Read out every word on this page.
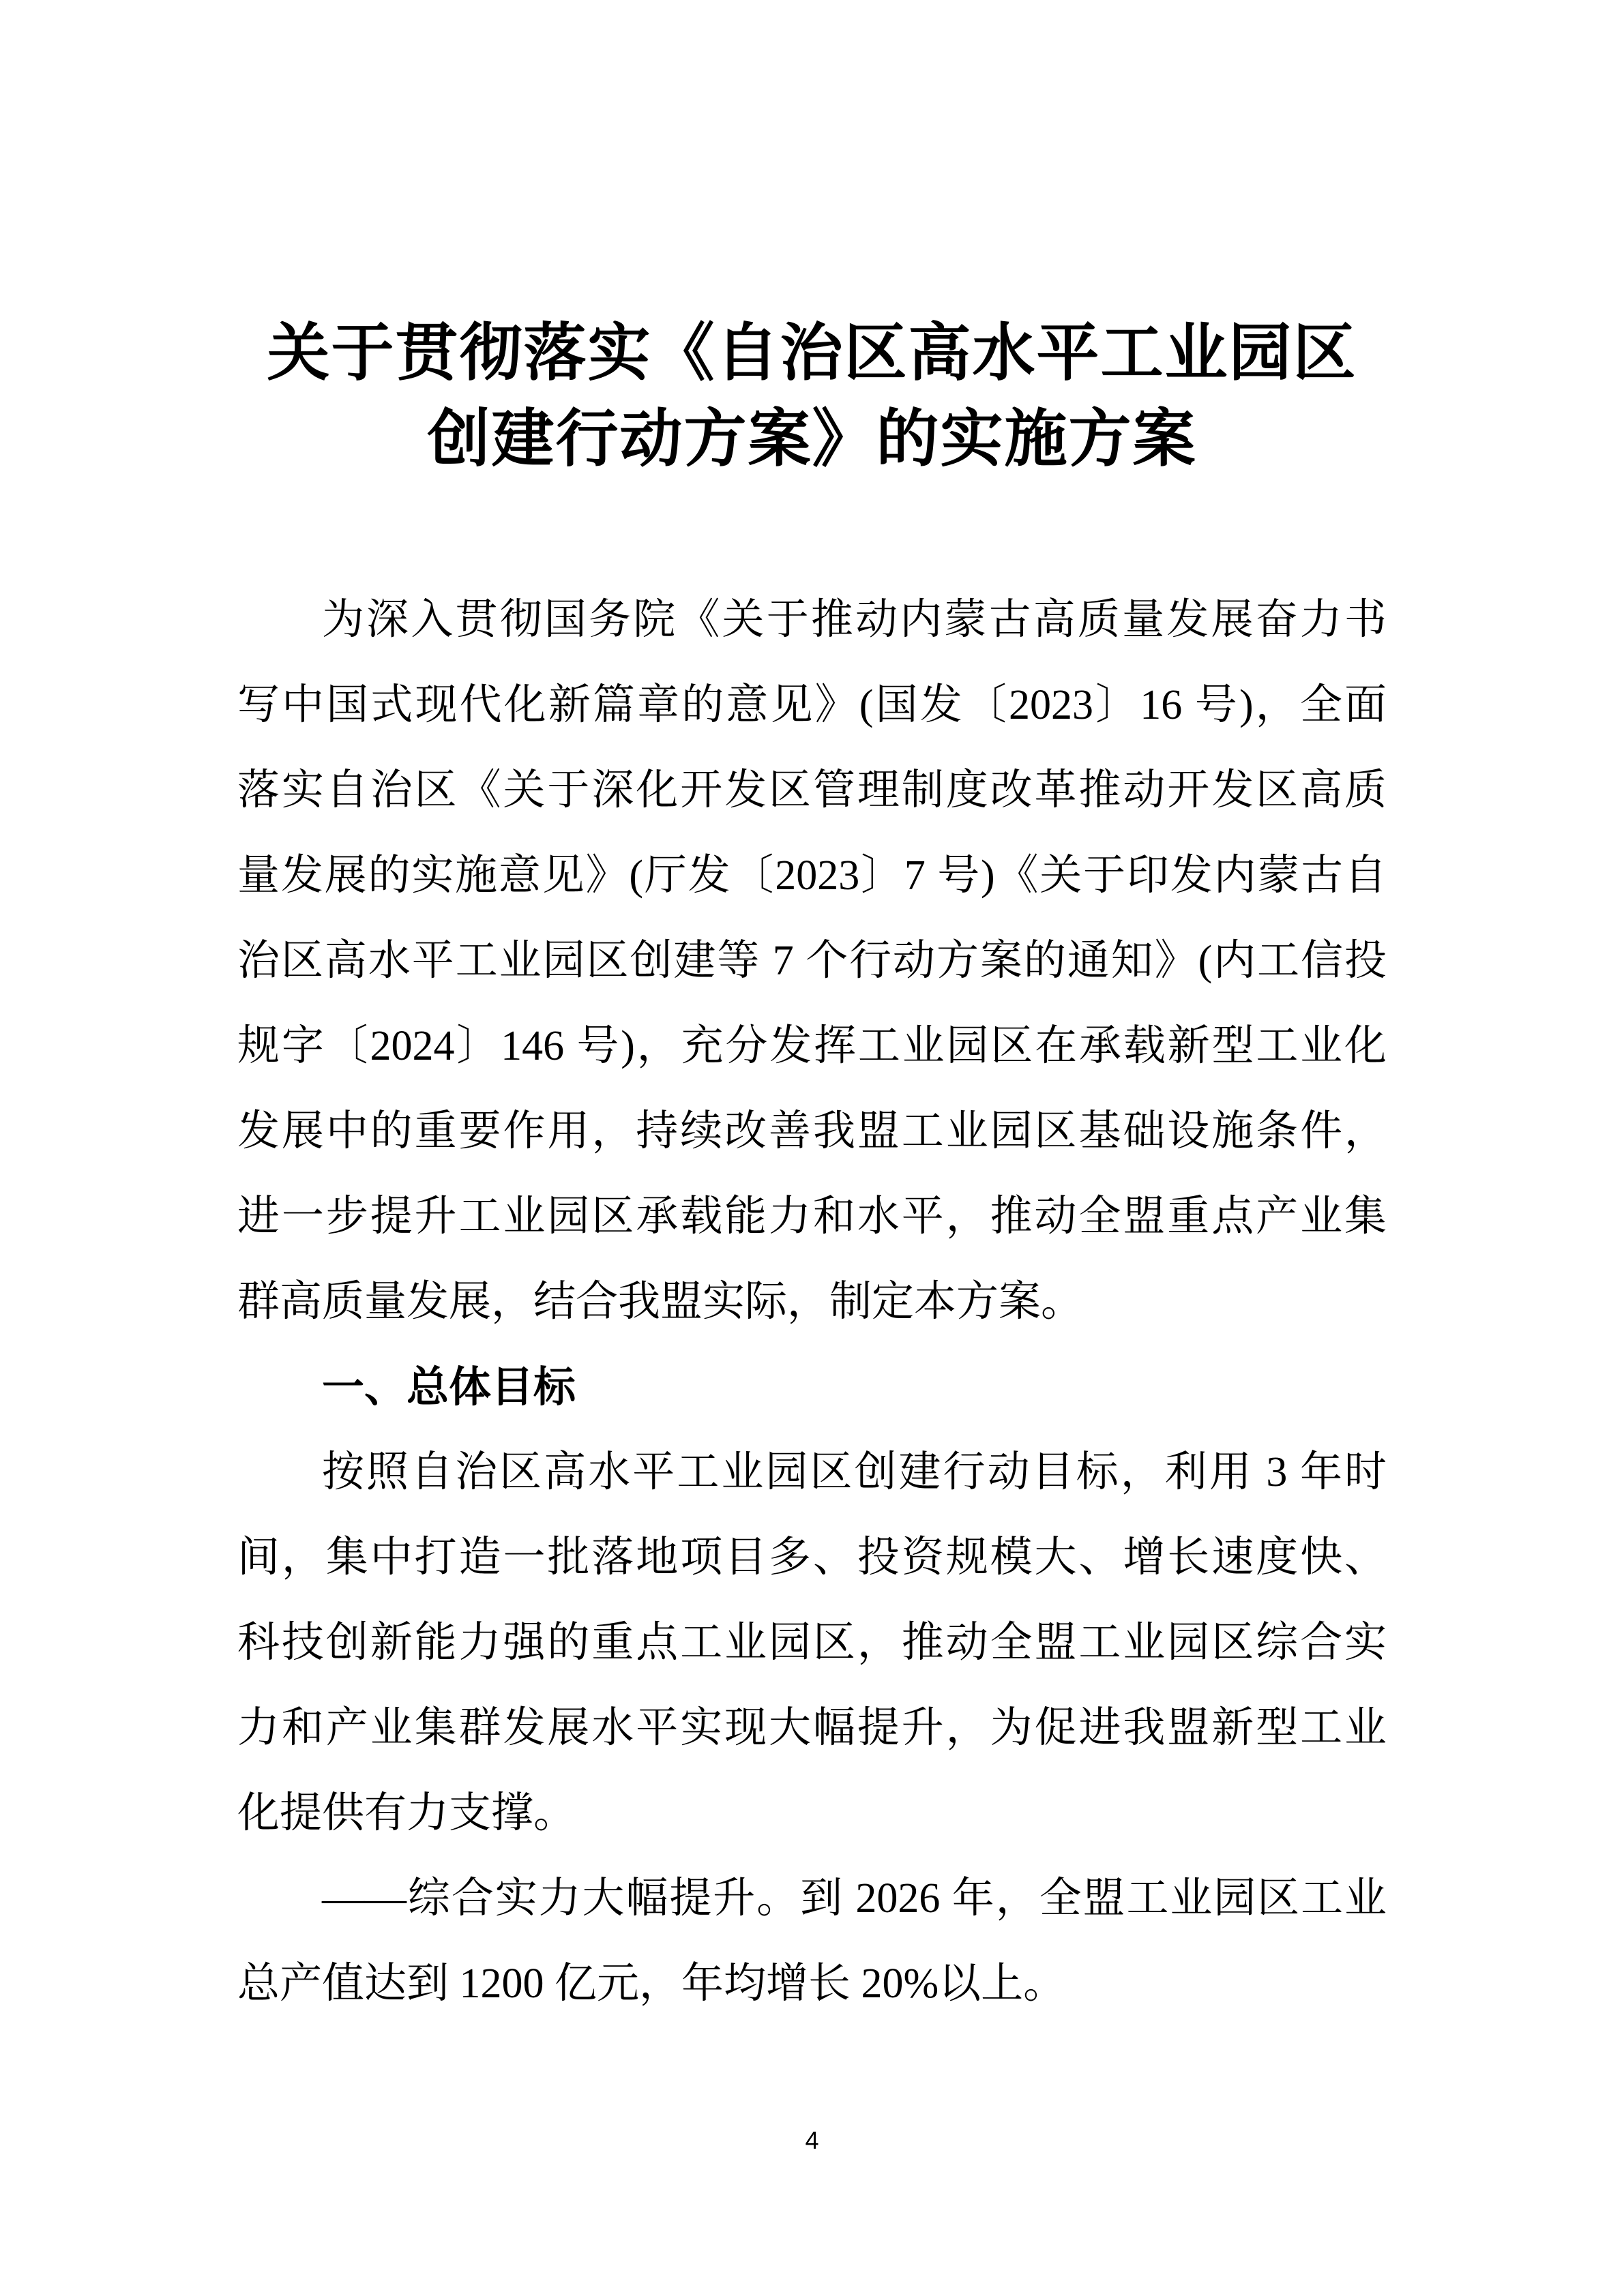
关于贯彻落实《自治区高水平工业园区
创建行动方案》的实施方案
为深入贯彻国务院《关于推动内蒙古高质量发展奋力书
写中国式现代化新篇章的意见》(国发〔2023〕16 号)，全面
落实自治区《关于深化开发区管理制度改革推动开发区高质
量发展的实施意见》(厅发〔2023〕7 号)《关于印发内蒙古自
治区高水平工业园区创建等 7 个行动方案的通知》(内工信投
规字〔2024〕146 号)，充分发挥工业园区在承载新型工业化
发展中的重要作用，持续改善我盟工业园区基础设施条件，
进一步提升工业园区承载能力和水平，推动全盟重点产业集
群高质量发展，结合我盟实际，制定本方案。
一、总体目标
按照自治区高水平工业园区创建行动目标，利用 3 年时
间，集中打造一批落地项目多、投资规模大、增长速度快、
科技创新能力强的重点工业园区，推动全盟工业园区综合实
力和产业集群发展水平实现大幅提升，为促进我盟新型工业
化提供有力支撑。
——综合实力大幅提升。到 2026 年，全盟工业园区工业
总产值达到 1200 亿元，年均增长 20%以上。
4
